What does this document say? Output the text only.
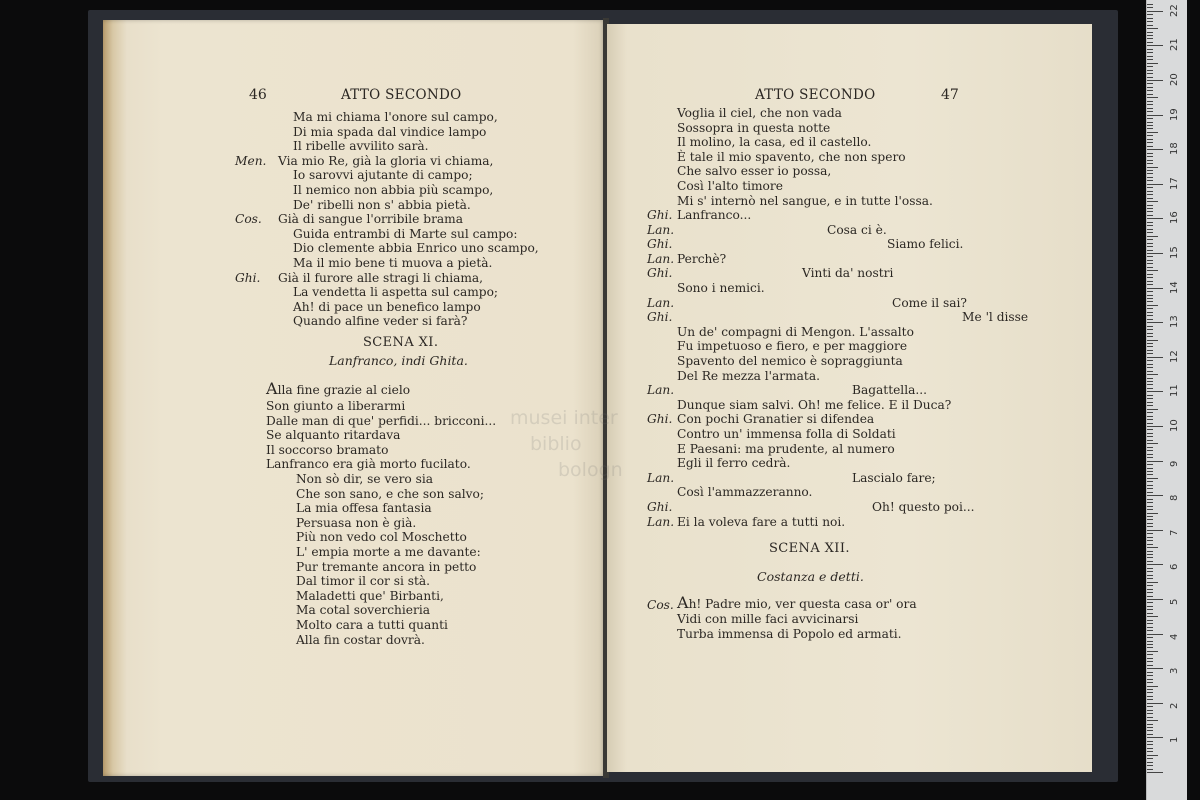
46	ATTO SECONDO
Ma mi chiama l'onore sul campo,
Di mia spada dal vindice lampo
Il ribelle avvilito sarà.
Men. Via mio Re, già la gloria vi chiama,
Io sarovvi ajutante di campo;
Il nemico non abbia più scampo,
De' ribelli non s' abbia pietà.
Cos. Già di sangue l'orribile brama
Guida entrambi di Marte sul campo:
Dio clemente abbia Enrico uno scampo,
Ma il mio bene ti muova a pietà.
Ghi. Già il furore alle stragi li chiama,
La vendetta li aspetta sul campo;
Ah! di pace un benefico lampo
Quando alfine veder si farà?
SCENA XI.
Lanfranco, indi Ghita.
Alla fine grazie al cielo
Son giunto a liberarmi
Dalle man di que' perfidi... bricconi...
Se alquanto ritardava
Il soccorso bramato
Lanfranco era già morto fucilato.
Non sò dir, se vero sia
Che son sano, e che son salvo;
La mia offesa fantasia
Persuasa non è già.
Più non vedo col Moschetto
L' empia morte a me davante:
Pur tremante ancora in petto
Dal timor il cor si stà.
Maladetti que' Birbanti,
Ma cotal soverchieria
Molto cara a tutti quanti
Alla fin costar dovrà.
ATTO SECONDO	47
Voglia il ciel, che non vada
Sossopra in questa notte
Il molino, la casa, ed il castello.
È tale il mio spavento, che non spero
Che salvo esser io possa,
Così l'alto timore
Mi s' internò nel sangue, e in tutte l'ossa.
Ghi. Lanfranco...
Lan.	Cosa ci è.
Ghi.	Siamo felici.
Lan. Perchè?
Ghi.	Vinti da' nostri
Sono i nemici.
Lan.	Come il sai?
Ghi.	Me 'l disse
Un de' compagni di Mengon. L'assalto
Fu impetuoso e fiero, e per maggiore
Spavento del nemico è sopraggiunta
Del Re mezza l'armata.
Lan.	Bagattella...
Dunque siam salvi. Oh! me felice. E il Duca?
Ghi. Con pochi Granatier si difendea
Contro un' immensa folla di Soldati
E Paesani: ma prudente, al numero
Egli il ferro cedrà.
Lan.	Lascialo fare;
Così l'ammazzeranno.
Ghi.	Oh! questo poi...
Lan. Ei la voleva fare a tutti noi.
SCENA XII.
Costanza e detti.
Cos. Ah! Padre mio, ver questa casa or' ora
Vidi con mille faci avvicinarsi
Turba immensa di Popolo ed armati.
musei inter
biblio
bologn
1
2
3
4
5
6
7
8
9
10
11
12
13
14
15
16
17
18
19
20
21
22
